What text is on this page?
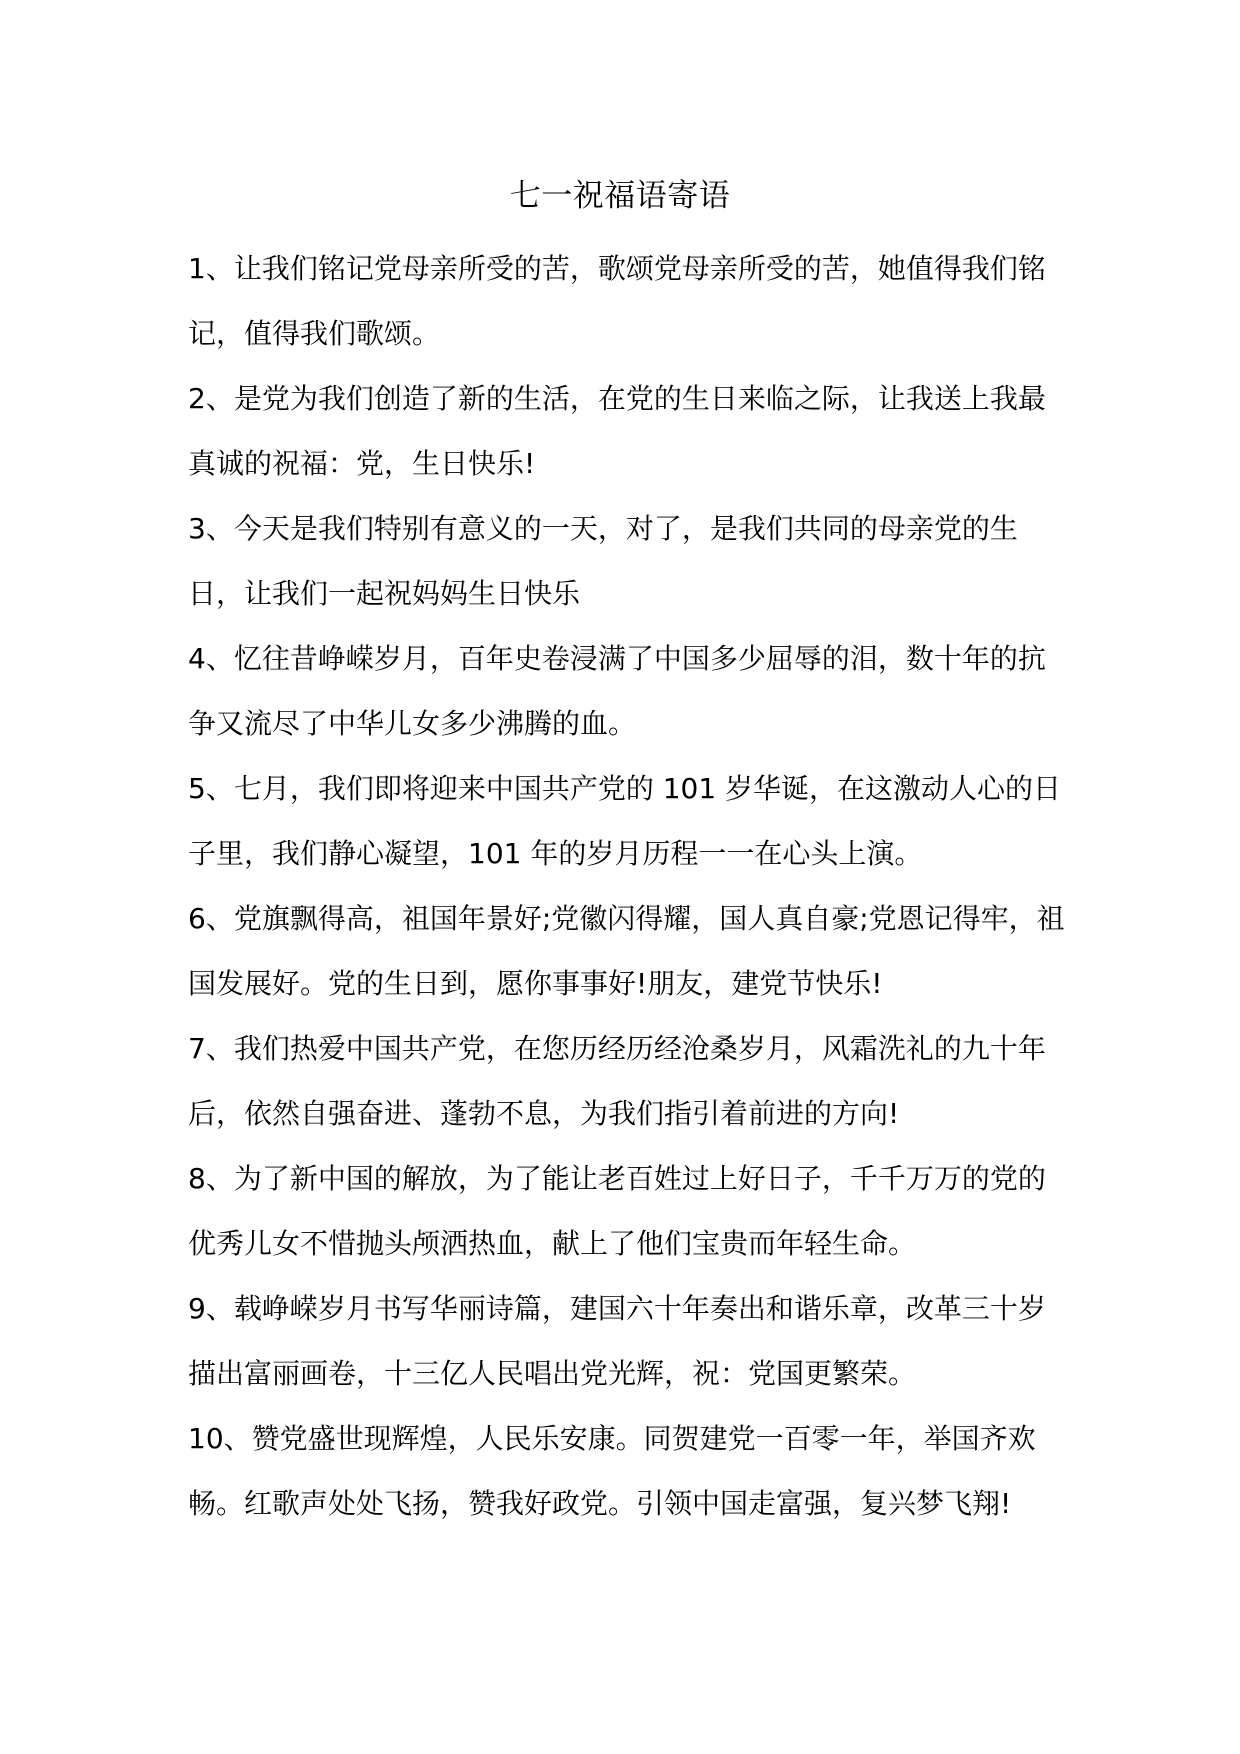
七一祝福语寄语

1、让我们铭记党母亲所受的苦，歌颂党母亲所受的苦，她值得我们铭记，值得我们歌颂。

2、是党为我们创造了新的生活，在党的生日来临之际，让我送上我最真诚的祝福：党，生日快乐!

3、今天是我们特别有意义的一天，对了，是我们共同的母亲党的生日，让我们一起祝妈妈生日快乐

4、忆往昔峥嵘岁月，百年史卷浸满了中国多少屈辱的泪，数十年的抗争又流尽了中华儿女多少沸腾的血。

5、七月，我们即将迎来中国共产党的 101 岁华诞，在这激动人心的日子里，我们静心凝望，101 年的岁月历程一一在心头上演。

6、党旗飘得高，祖国年景好;党徽闪得耀，国人真自豪;党恩记得牢，祖国发展好。党的生日到，愿你事事好!朋友，建党节快乐!

7、我们热爱中国共产党，在您历经历经沧桑岁月，风霜洗礼的九十年后，依然自强奋进、蓬勃不息，为我们指引着前进的方向!

8、为了新中国的解放，为了能让老百姓过上好日子，千千万万的党的优秀儿女不惜抛头颅洒热血，献上了他们宝贵而年轻生命。

9、载峥嵘岁月书写华丽诗篇，建国六十年奏出和谐乐章，改革三十岁描出富丽画卷，十三亿人民唱出党光辉，祝：党国更繁荣。

10、赞党盛世现辉煌，人民乐安康。同贺建党一百零一年，举国齐欢畅。红歌声处处飞扬，赞我好政党。引领中国走富强，复兴梦飞翔!
